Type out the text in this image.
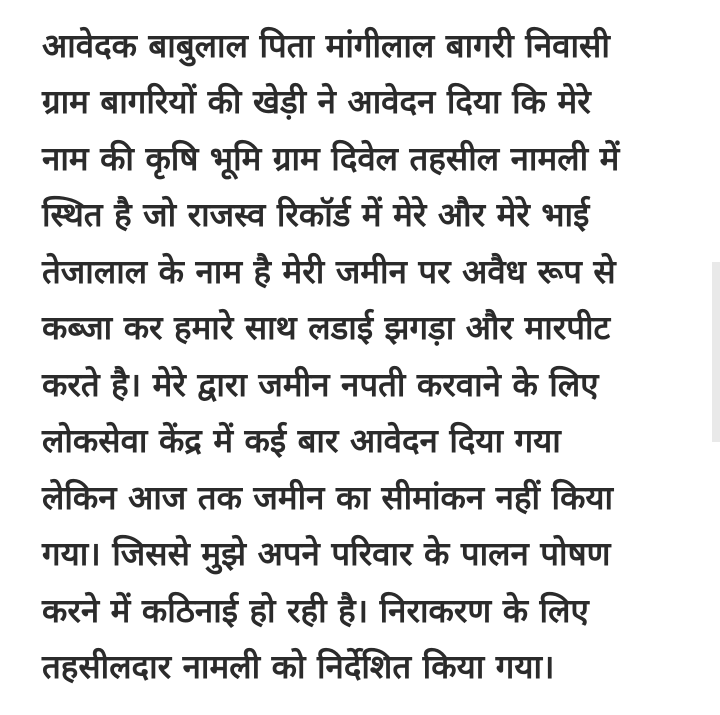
आवेदक बाबुलाल पिता मांगीलाल बागरी निवासी

ग्राम बागरियों की खेड़ी ने आवेदन दिया कि मेरे

नाम की कृषि भूमि ग्राम दिवेल तहसील नामली में

स्थित है जो राजस्व रिकॉर्ड में मेरे और मेरे भाई

तेजालाल के नाम है मेरी जमीन पर अवैध रूप से

कब्जा कर हमारे साथ लडाई झगड़ा और मारपीट

करते है। मेरे द्वारा जमीन नपती करवाने के लिए

लोकसेवा केंद्र में कई बार आवेदन दिया गया

लेकिन आज तक जमीन का सीमांकन नहीं किया

गया। जिससे मुझे अपने परिवार के पालन पोषण

करने में कठिनाई हो रही है। निराकरण के लिए

तहसीलदार नामली को निर्देशित किया गया।
